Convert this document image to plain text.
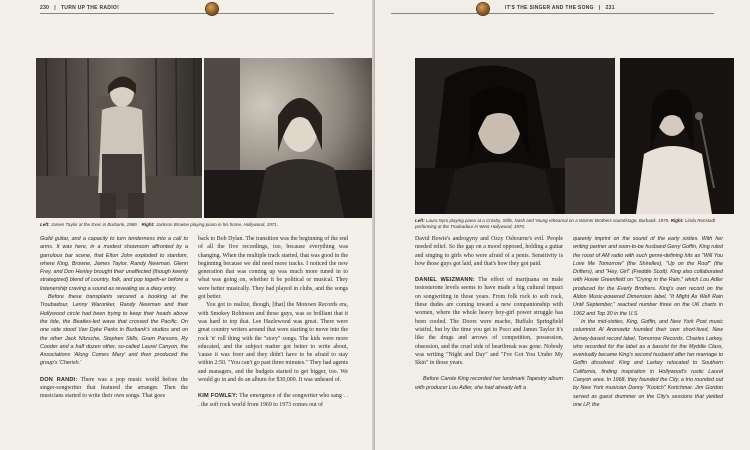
230 | TURN UP THE RADIO!
Left: James Taylor at the Exec in Burbank, 1969. Right: Jackson Browne playing piano in his home, Hollywood, 1971.

Guild guitar, and a capacity to turn tenderness into a call to arms. It was here, in a modest showroom affronted by a garrulous bar scene, that Elton John exploded to stardom, where King, Browne, James Taylor, Randy Newman, Glenn Frey, and Don Henley brought their unaffected (though keenly strategized) blend of country, folk, and pop togeth-er before a listenership craving a sound as revealing as a diary entry.

Before these transplants secured a booking at the Troubadour, Lenny Waronker, Randy Newman and their Hollywood circle had been trying to keep their heads above the tide, the Beatles-led wave that crossed the Pacific. On one side stood Van Dyke Parks in Burbank’s studios and on the other Jack Nitzsche, Stephen Stills, Gram Parsons, Ry Cooder and a half dozen other, so-called Laurel Canyon, the Associations 'Along Comes Mary' and then produced the group's 'Cherish.'

DON RANDI: There was a pop music world before the singer-songwriter that featured the arranger. Then the musicians started to write their own songs. That goes

back to Bob Dylan. The transition was the beginning of the end of all the five recordings, too, because everything was changing. When the multiple track started, that was good in the beginning because we did need more tracks. I noticed the new generation that was coming up was much more tuned in to what was going on, whether it be political or musical. They were better musically. They had played in clubs, and the songs got better.

You got to realize, though, [that] the Motown Records era, with Smokey Robinson and those guys, was so brilliant that it was hard to top that. Lee Hazlewood was great. There were great country writers around that were starting to move into the rock 'n' roll thing with the "story" songs. The kids were more educated, and the subject matter got better to write about, 'cause it was freer and they didn't have to be afraid to stay within 2:50. "You can't go past three minutes." They had agents and managers, and the budgets started to get bigger, too. We would go in and do an album for $30,000. It was unheard of.

KIM FOWLEY: The emergence of the songwriter who sang . . . the soft rock world from 1969 to 1973 comes out of

IT'S THE SINGER AND THE SONG | 231
Left: Laura Nyro playing piano at a Crosby, Stills, Nash and Young rehearsal on a Warner Brothers soundstage, Burbank, 1970. Right: Linda Ronstadt performing at the Troubadour in West Hollywood, 1970.

David Bowie's androgyny and Ozzy Osbourne's evil. People needed relief. So the gap on a mood opposed, holding a guitar and singing to girls who were afraid of a penis. Sensitivity is how those guys got laid, and that's how they got paid.

DANIEL WEIZMANN: The effect of marijuana on male testosterone levels seems to have made a big cultural impact on songwriting in those years. From folk rock to soft rock, these dudes are coming toward a new companionship with women, where the whole heavy boy-girl power struggle has been cooled. The Doors were macho, Buffalo Springfield wistful, but by the time you get to Poco and James Taylor it's like the drugs and arrows of competition, possession, obsession, and the cruel side of heartbreak was gone. Nobody was writing "Night and Day" and "I've Got You Under My Skin" in those years.

Before Carole King recorded her landmark Tapestry album with producer Lou Adler, she had already left a

queenly imprint on the sound of the early sixties. With her writing partner and soon-to-be husband Gerry Goffin, King ruled the roost of AM radio with such genre-defining hits as "Will You Love Me Tomorrow" (the Shirelles), "Up on the Roof" (the Drifters), and "Hey, Girl" (Freddie Scott). King also collaborated with Howie Greenfield on "Crying in the Rain," which Lou Adler produced for the Everly Brothers. King's own record on the Aldon Music-powered Dimension label, "It Might As Well Rain Until September," reached number three on the UK charts in 1962 and Top 30 in the U.S.

In the mid-sixties, King, Goffin, and New York Post music columnist Al Aronowitz founded their own short-lived, New Jersey-based record label, Tomorrow Records. Charles Larkey, who recorded for the label as a bassist for the Myddle Class, eventually became King's second husband after her marriage to Goffin dissolved. King and Larkey relocated to Southern California, finding inspiration in Hollywood's rustic Laurel Canyon area. In 1968, they founded the City, a trio rounded out by New York musician Danny "Kootch" Kortchmar. Jim Gordon served as guest drummer on the City's sessions that yielded one LP, the
